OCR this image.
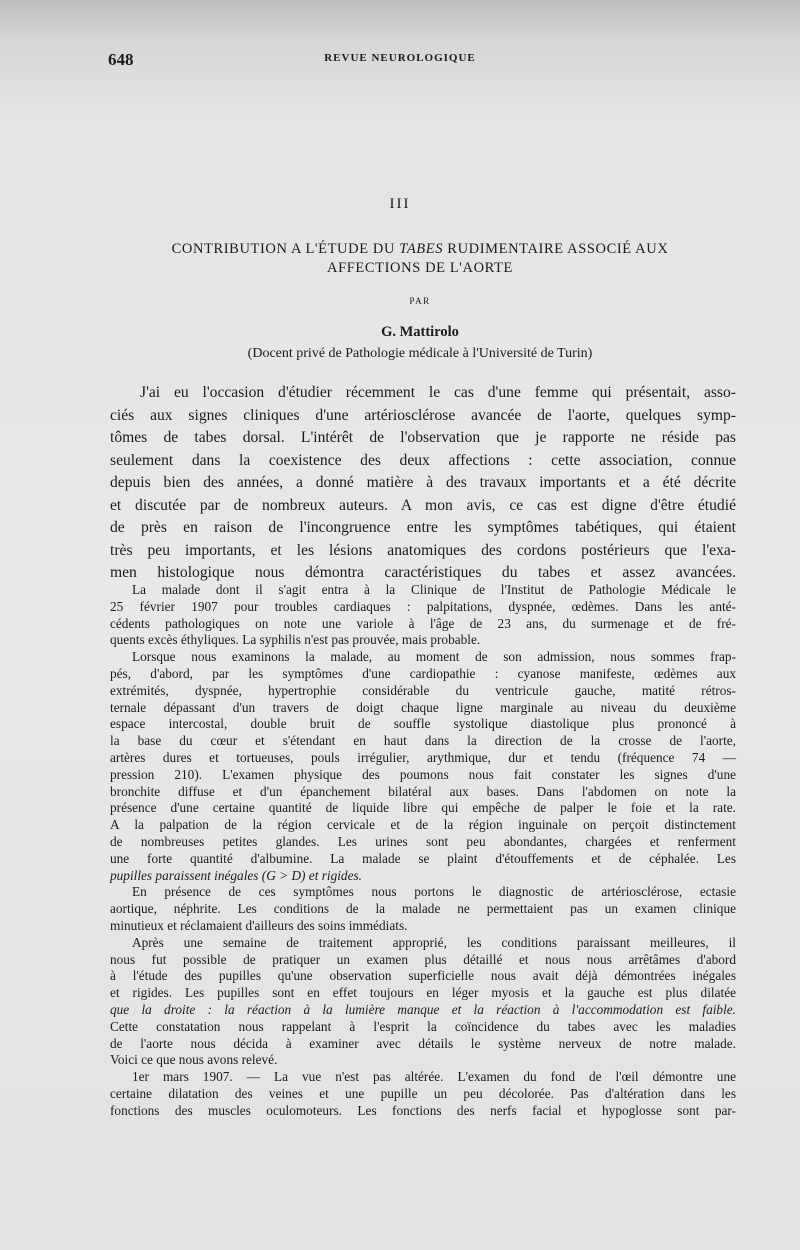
648	REVUE NEUROLOGIQUE
III
CONTRIBUTION A L'ÉTUDE DU TABES RUDIMENTAIRE ASSOCIÉ AUX
AFFECTIONS DE L'AORTE
PAR
G. Mattirolo
(Docent privé de Pathologie médicale à l'Université de Turin)
J'ai eu l'occasion d'étudier récemment le cas d'une femme qui présentait, asso-
ciés aux signes cliniques d'une artériosclérose avancée de l'aorte, quelques symp-
tômes de tabes dorsal. L'intérêt de l'observation que je rapporte ne réside pas
seulement dans la coexistence des deux affections : cette association, connue
depuis bien des années, a donné matière à des travaux importants et a été décrite
et discutée par de nombreux auteurs. A mon avis, ce cas est digne d'être étudié
de près en raison de l'incongruence entre les symptômes tabétiques, qui étaient
très peu importants, et les lésions anatomiques des cordons postérieurs que l'exa-
men histologique nous démontra caractéristiques du tabes et assez avancées.
La malade dont il s'agit entra à la Clinique de l'Institut de Pathologie Médicale le
25 février 1907 pour troubles cardiaques : palpitations, dyspnée, œdèmes. Dans les anté-
cédents pathologiques on note une variole à l'âge de 23 ans, du surmenage et de fré-
quents excès éthyliques. La syphilis n'est pas prouvée, mais probable.
Lorsque nous examinons la malade, au moment de son admission, nous sommes frap-
pés, d'abord, par les symptômes d'une cardiopathie : cyanose manifeste, œdèmes aux
extrémités, dyspnée, hypertrophie considérable du ventricule gauche, matité rétros-
ternale dépassant d'un travers de doigt chaque ligne marginale au niveau du deuxième
espace intercostal, double bruit de souffle systolique diastolique plus prononcé à
la base du cœur et s'étendant en haut dans la direction de la crosse de l'aorte,
artères dures et tortueuses, pouls irrégulier, arythmique, dur et tendu (fréquence 74 —
pression 210). L'examen physique des poumons nous fait constater les signes d'une
bronchite diffuse et d'un épanchement bilatéral aux bases. Dans l'abdomen on note la
présence d'une certaine quantité de liquide libre qui empêche de palper le foie et la rate.
A la palpation de la région cervicale et de la région inguinale on perçoit distinctement
de nombreuses petites glandes. Les urines sont peu abondantes, chargées et renferment
une forte quantité d'albumine. La malade se plaint d'étouffements et de céphalée. Les
pupilles paraissent inégales (G > D) et rigides.
En présence de ces symptômes nous portons le diagnostic de artériosclérose, ectasie
aortique, néphrite. Les conditions de la malade ne permettaient pas un examen clinique
minutieux et réclamaient d'ailleurs des soins immédiats.
Après une semaine de traitement approprié, les conditions paraissant meilleures, il
nous fut possible de pratiquer un examen plus détaillé et nous nous arrêtâmes d'abord
à l'étude des pupilles qu'une observation superficielle nous avait déjà démontrées inégales
et rigides. Les pupilles sont en effet toujours en léger myosis et la gauche est plus dilatée
que la droite : la réaction à la lumière manque et la réaction à l'accommodation est faible.
Cette constatation nous rappelant à l'esprit la coïncidence du tabes avec les maladies
de l'aorte nous décida à examiner avec détails le système nerveux de notre malade.
Voici ce que nous avons relevé.
1er mars 1907. — La vue n'est pas altérée. L'examen du fond de l'œil démontre une
certaine dilatation des veines et une pupille un peu décolorée. Pas d'altération dans les
fonctions des muscles oculomoteurs. Les fonctions des nerfs facial et hypoglosse sont par-
